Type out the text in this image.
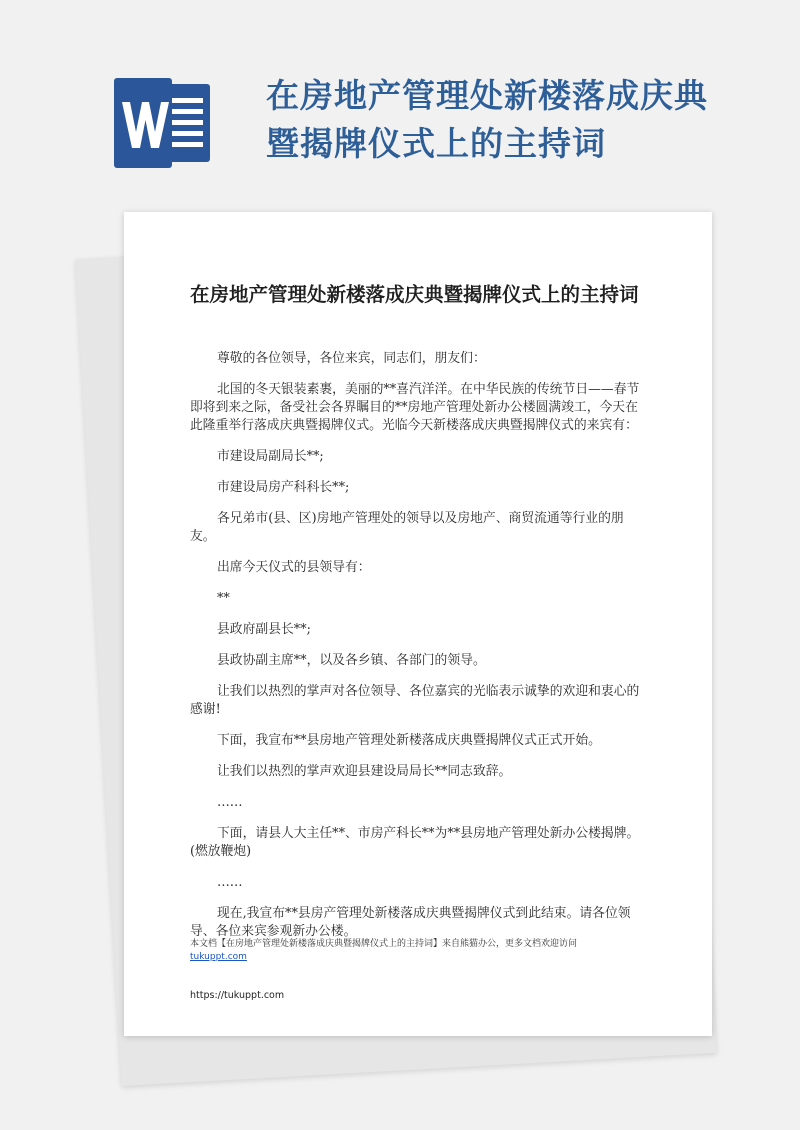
在房地产管理处新楼落成庆典
暨揭牌仪式上的主持词
在房地产管理处新楼落成庆典暨揭牌仪式上的主持词

尊敬的各位领导，各位来宾，同志们，朋友们：

北国的冬天银装素裹，美丽的**喜汽洋洋。在中华民族的传统节日——春节即将到来之际，备受社会各界瞩目的**房地产管理处新办公楼圆满竣工，今天在此隆重举行落成庆典暨揭牌仪式。光临今天新楼落成庆典暨揭牌仪式的来宾有：

市建设局副局长**;

市建设局房产科科长**;

各兄弟市(县、区)房地产管理处的领导以及房地产、商贸流通等行业的朋友。

出席今天仪式的县领导有：

**

县政府副县长**;

县政协副主席**，以及各乡镇、各部门的领导。

让我们以热烈的掌声对各位领导、各位嘉宾的光临表示诚挚的欢迎和衷心的感谢!

下面，我宣布**县房地产管理处新楼落成庆典暨揭牌仪式正式开始。

让我们以热烈的掌声欢迎县建设局局长**同志致辞。

……

下面，请县人大主任**、市房产科长**为**县房地产管理处新办公楼揭牌。(燃放鞭炮)

……

现在,我宣布**县房产管理处新楼落成庆典暨揭牌仪式到此结束。请各位领导、各位来宾参观新办公楼。

本文档【在房地产管理处新楼落成庆典暨揭牌仪式上的主持词】来自熊猫办公，更多文档欢迎访问
tukuppt.com
https://tukuppt.com
